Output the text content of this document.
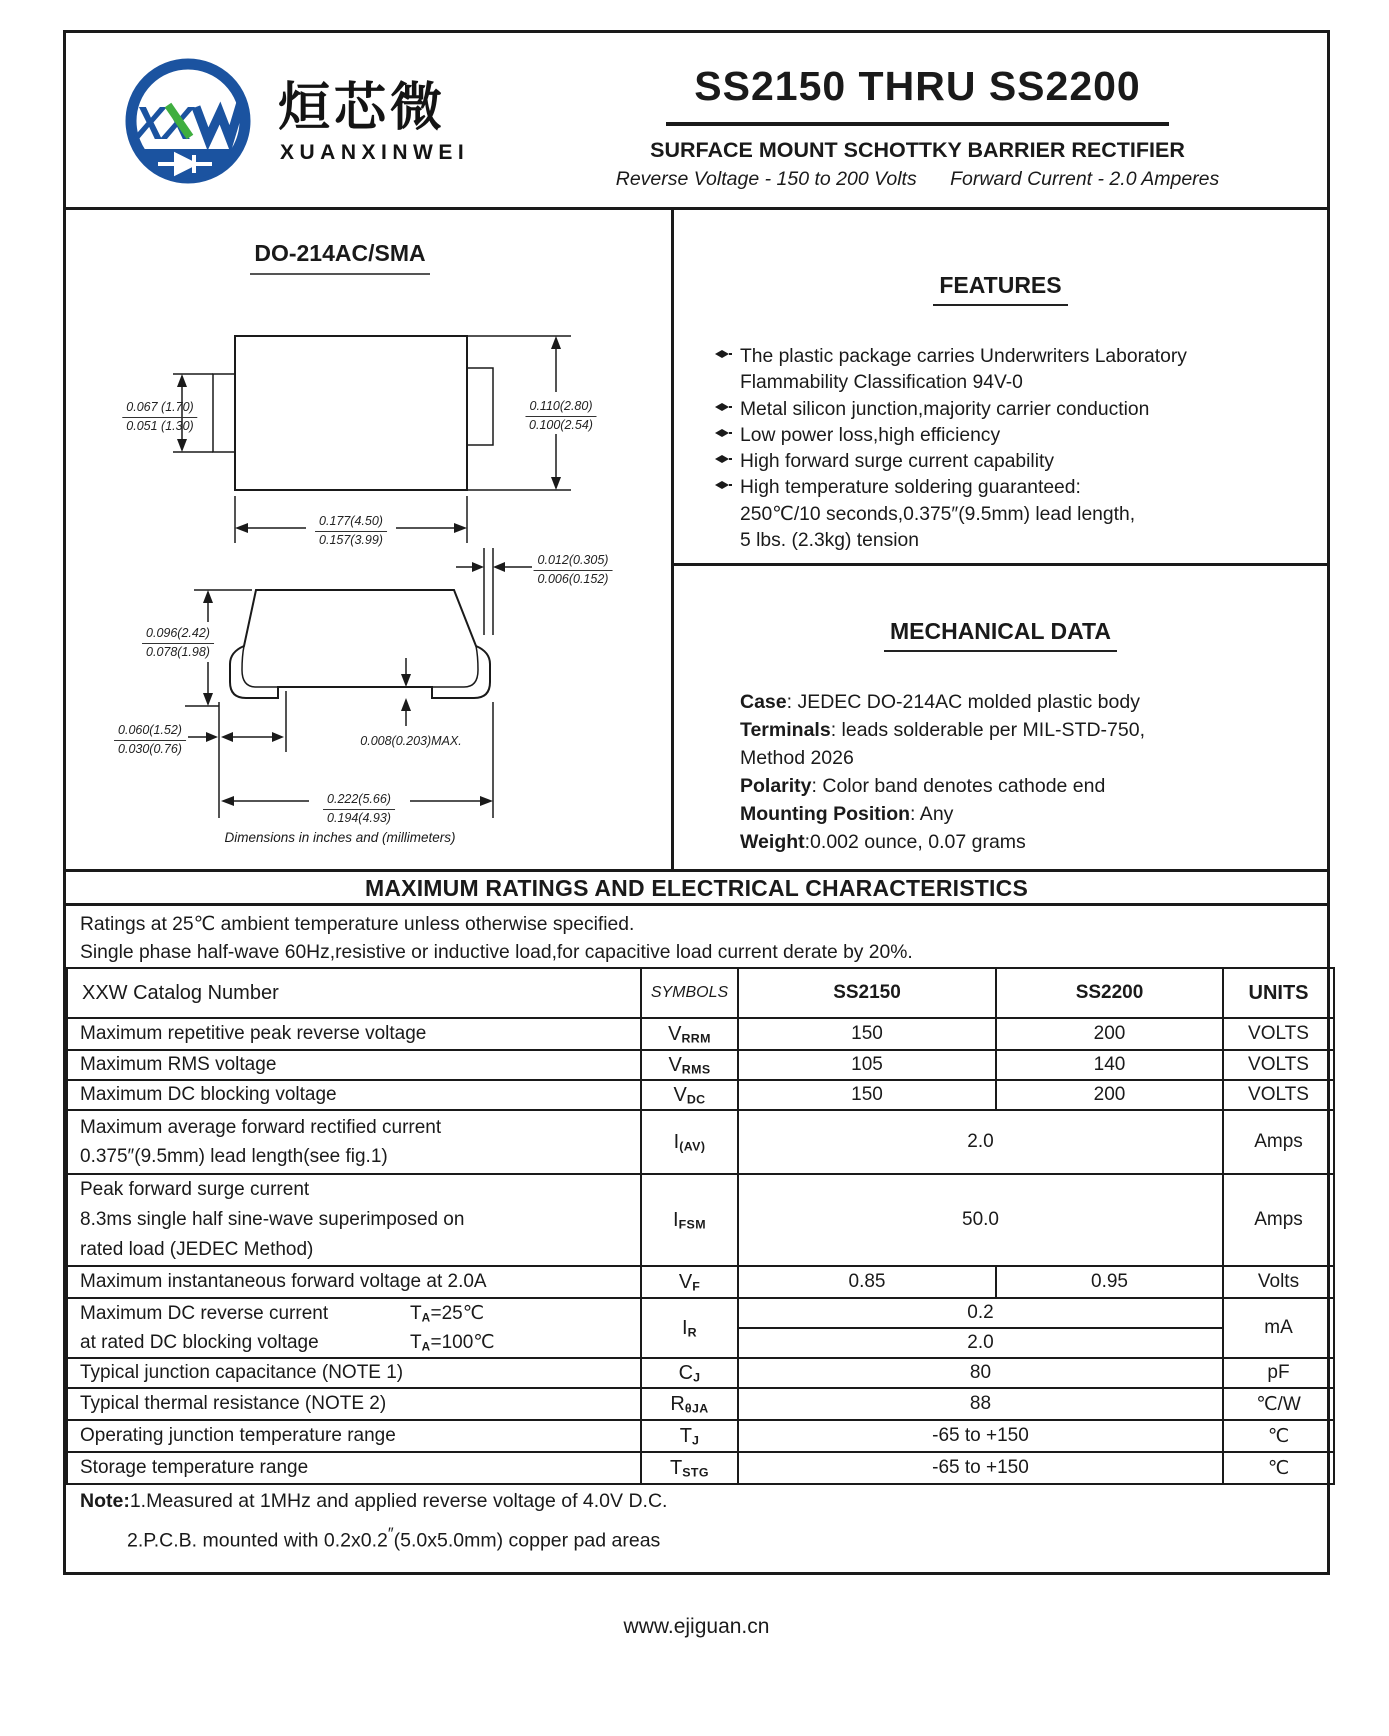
X
X 烜芯微
XUANXINWEI
SS2150 THRU SS2200
SURFACE MOUNT SCHOTTKY BARRIER RECTIFIER
Reverse Voltage - 150 to 200 Volts Forward Current - 2.0 Amperes
DO-214AC/SMA
0.067 (1.70)
0.051 (1.30)
0.110(2.80)
0.100(2.54)
0.177(4.50)
0.157(3.99)
0.012(0.305)
0.006(0.152)
0.096(2.42)
0.078(1.98)
0.060(1.52)
0.030(0.76)
0.008(0.203)MAX.
0.222(5.66)
0.194(4.93)
Dimensions in inches and (millimeters)
FEATURES
The plastic package carries Underwriters Laboratory
Flammability Classification 94V-0
Metal silicon junction,majority carrier conduction
Low power loss,high efficiency
High forward surge current capability
High temperature soldering guaranteed:
250℃/10 seconds,0.375″(9.5mm) lead length,
5 lbs. (2.3kg) tension
MECHANICAL DATA
Case: JEDEC DO-214AC molded plastic body
Terminals: leads solderable per MIL-STD-750,
Method 2026
Polarity: Color band denotes cathode end
Mounting Position: Any
Weight:0.002 ounce, 0.07 grams
MAXIMUM RATINGS AND ELECTRICAL CHARACTERISTICS
Ratings at 25℃ ambient temperature unless otherwise specified.
Single phase half-wave 60Hz,resistive or inductive load,for capacitive load current derate by 20%.
XXW Catalog Number	SYMBOLS	SS2150	SS2200	UNITS
Maximum repetitive peak reverse voltage	$V_{RRM}$	150	200	VOLTS
Maximum RMS voltage	$V_{RMS}$	105	140	VOLTS
Maximum DC blocking voltage	$V_{DC}$	150	200	VOLTS

Maximum average forward rectified current
0.375″(9.5mm) lead length(see fig.1)	$I_{(AV)}$	2.0		Amps

Peak forward surge current
8.3ms single half sine-wave superimposed on
rated load (JEDEC Method)	$I_{FSM}$	50.0		Amps
Maximum instantaneous forward voltage at 2.0A	$V_F$	0.85	0.95	Volts

Maximum DC reverse current $T_A=25℃$
at rated DC blocking voltage $T_A=100℃$	$I_R$	0.2		mA
		2.0		
Typical junction capacitance (NOTE 1)	$C_J$	80		pF
Typical thermal resistance (NOTE 2)	$R_{\theta JA}$	88		℃/W
Operating junction temperature range	$T_J$	-65 to +150		℃
Storage temperature range	$T_{STG}$	-65 to +150		℃
Note:1.Measured at 1MHz and applied reverse voltage of 4.0V D.C.
2.P.C.B. mounted with 0.2x0.2″(5.0x5.0mm) copper pad areas
www.ejiguan.cn
